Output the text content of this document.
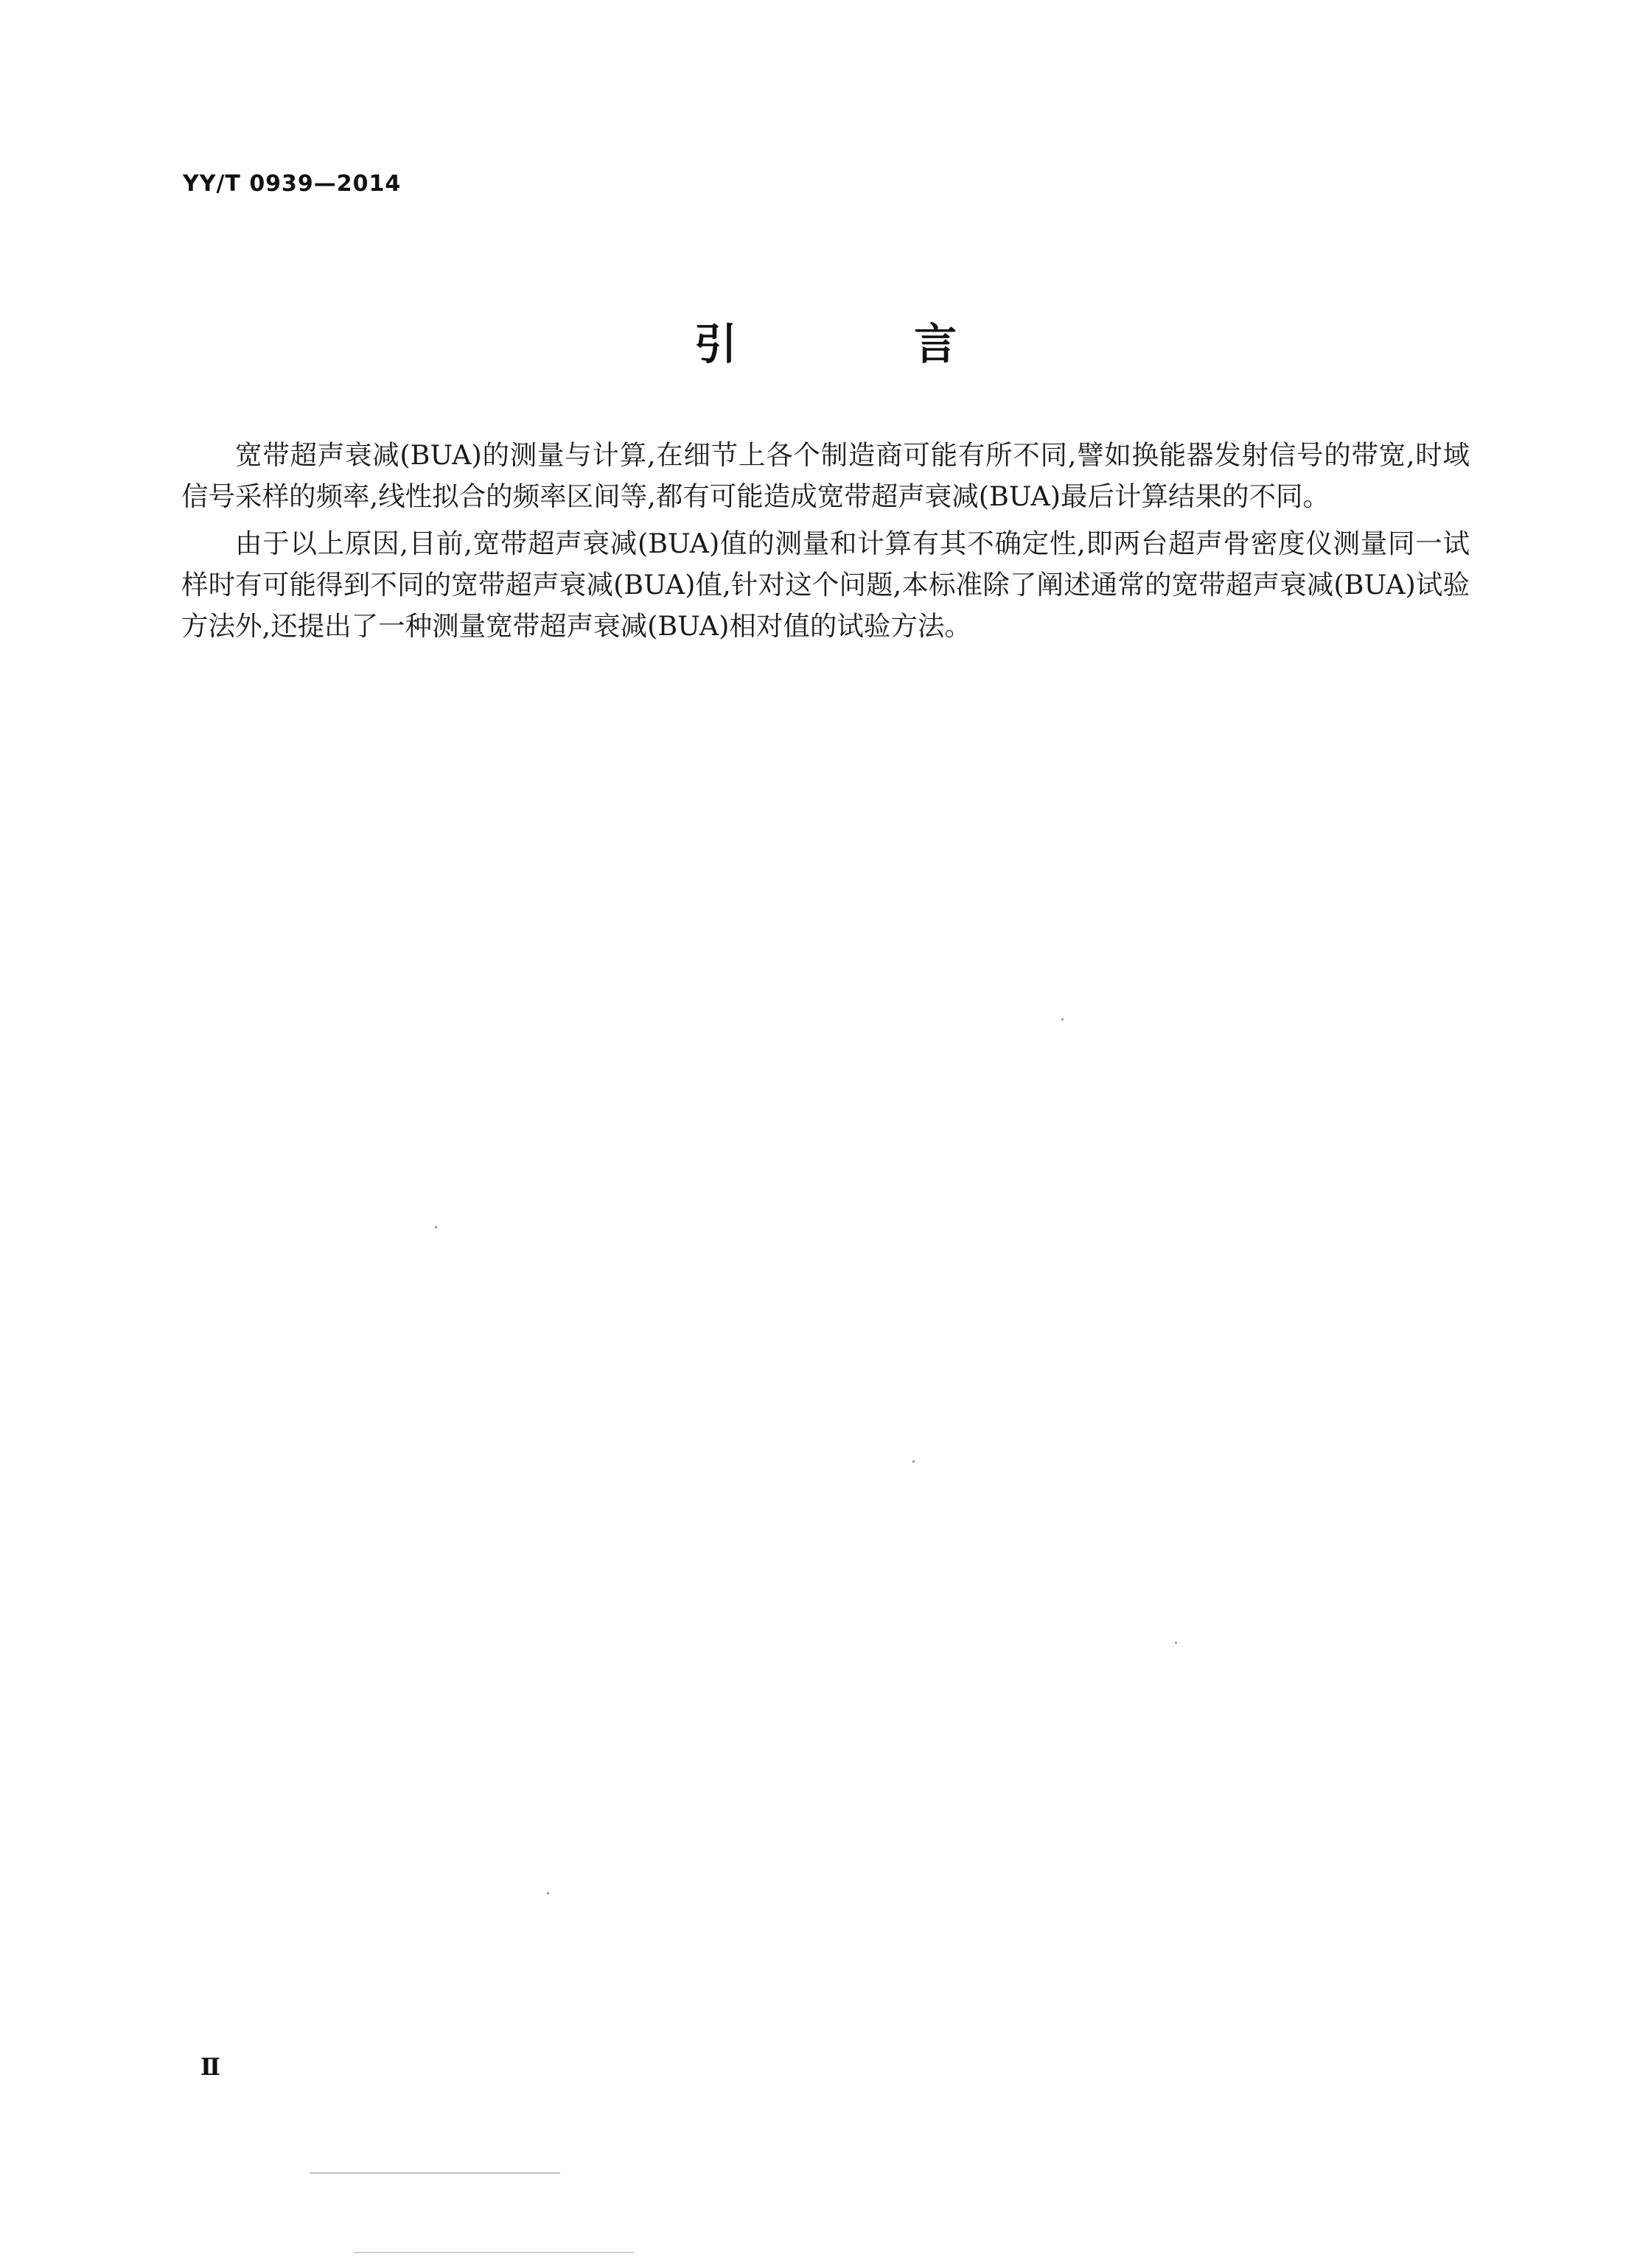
YY/T 0939—2014
引 言

宽带超声衰减(BUA)的测量与计算,在细节上各个制造商可能有所不同,譬如换能器发射信号的带宽,时域信号采样的频率,线性拟合的频率区间等,都有可能造成宽带超声衰减(BUA)最后计算结果的不同。

由于以上原因,目前,宽带超声衰减(BUA)值的测量和计算有其不确定性,即两台超声骨密度仪测量同一试样时有可能得到不同的宽带超声衰减(BUA)值,针对这个问题,本标准除了阐述通常的宽带超声衰减(BUA)试验方法外,还提出了一种测量宽带超声衰减(BUA)相对值的试验方法。

Ⅱ
